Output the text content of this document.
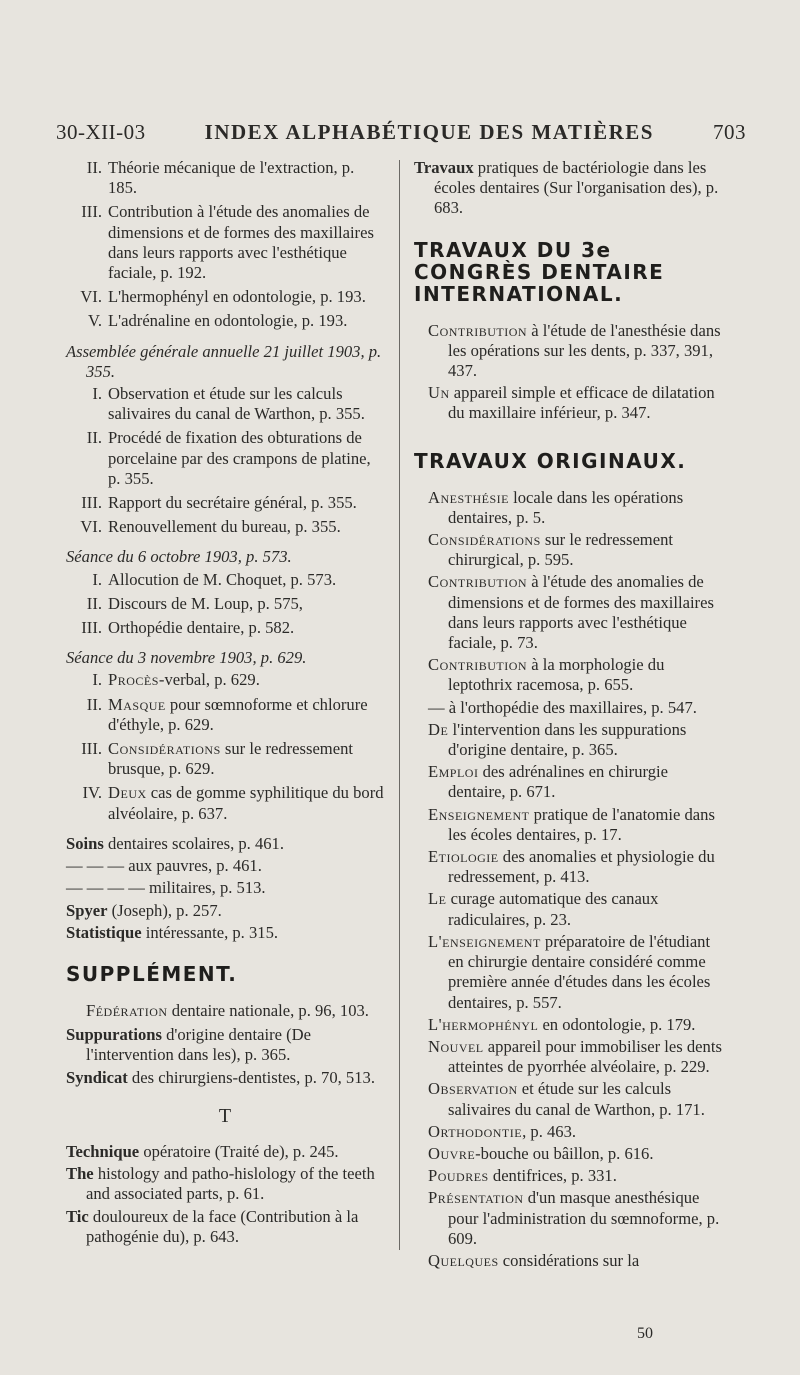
30-XII-03	INDEX ALPHABÉTIQUE DES MATIÈRES	703
II. Théorie mécanique de l'extraction, p. 185.
III. Contribution à l'étude des anomalies de dimensions et de formes des maxillaires dans leurs rapports avec l'esthétique faciale, p. 192.
VI. L'hermophényl en odontologie, p. 193.
V. L'adrénaline en odontologie, p. 193.
Assemblée générale annuelle 21 juillet 1903, p. 355.
I. Observation et étude sur les calculs salivaires du canal de Warthon, p. 355.
II. Procédé de fixation des obturations de porcelaine par des crampons de platine, p. 355.
III. Rapport du secrétaire général, p. 355.
VI. Renouvellement du bureau, p. 355.
Séance du 6 octobre 1903, p. 573.
I. Allocution de M. Choquet, p. 573.
II. Discours de M. Loup, p. 575,
III. Orthopédie dentaire, p. 582.
Séance du 3 novembre 1903, p. 629.
I. Procès-verbal, p. 629.
II. Masque pour sœmnoforme et chlorure d'éthyle, p. 629.
III. Considérations sur le redressement brusque, p. 629.
IV. Deux cas de gomme syphilitique du bord alvéolaire, p. 637.
Soins dentaires scolaires, p. 461.
— — — aux pauvres, p. 461.
— — — — militaires, p. 513.
Spyer (Joseph), p. 257.
Statistique intéressante, p. 315.
SUPPLÉMENT.
Fédération dentaire nationale, p. 96, 103.
Suppurations d'origine dentaire (De l'intervention dans les), p. 365.
Syndicat des chirurgiens-dentistes, p. 70, 513.
T
Technique opératoire (Traité de), p. 245.
The histology and patho-hislology of the teeth and associated parts, p. 61.
Tic douloureux de la face (Contribution à la pathogénie du), p. 643.
Travaux pratiques de bactériologie dans les écoles dentaires (Sur l'organisation des), p. 683.
TRAVAUX DU 3e CONGRÈS DENTAIRE INTERNATIONAL.
Contribution à l'étude de l'anesthésie dans les opérations sur les dents, p. 337, 391, 437.
Un appareil simple et efficace de dilatation du maxillaire inférieur, p. 347.
TRAVAUX ORIGINAUX.
Anesthésie locale dans les opérations dentaires, p. 5.
Considérations sur le redressement chirurgical, p. 595.
Contribution à l'étude des anomalies de dimensions et de formes des maxillaires dans leurs rapports avec l'esthétique faciale, p. 73.
Contribution à la morphologie du leptothrix racemosa, p. 655.
— à l'orthopédie des maxillaires, p. 547.
De l'intervention dans les suppurations d'origine dentaire, p. 365.
Emploi des adrénalines en chirurgie dentaire, p. 671.
Enseignement pratique de l'anatomie dans les écoles dentaires, p. 17.
Etiologie des anomalies et physiologie du redressement, p. 413.
Le curage automatique des canaux radiculaires, p. 23.
L'enseignement préparatoire de l'étudiant en chirurgie dentaire considéré comme première année d'études dans les écoles dentaires, p. 557.
L'hermophényl en odontologie, p. 179.
Nouvel appareil pour immobiliser les dents atteintes de pyorrhée alvéolaire, p. 229.
Observation et étude sur les calculs salivaires du canal de Warthon, p. 171.
Orthodontie, p. 463.
Ouvre-bouche ou bâillon, p. 616.
Poudres dentifrices, p. 331.
Présentation d'un masque anesthésique pour l'administration du sœmnoforme, p. 609.
Quelques considérations sur la
50
